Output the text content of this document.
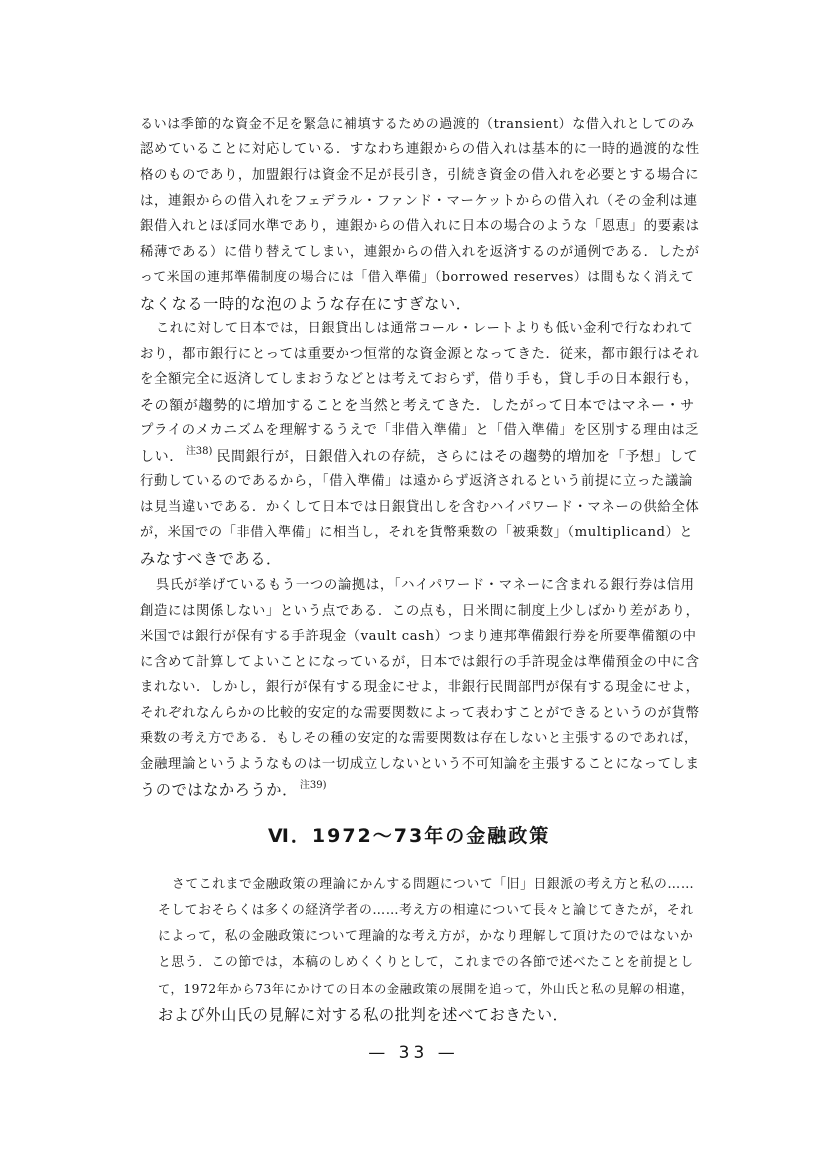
るいは季節的な資金不足を緊急に補填するための過渡的（transient）な借入れとしてのみ
認めていることに対応している．すなわち連銀からの借入れは基本的に一時的過渡的な性
格のものであり，加盟銀行は資金不足が長引き，引続き資金の借入れを必要とする場合に
は，連銀からの借入れをフェデラル・ファンド・マーケットからの借入れ（その金利は連
銀借入れとほぼ同水準であり，連銀からの借入れに日本の場合のような「恩恵」的要素は
稀薄である）に借り替えてしまい，連銀からの借入れを返済するのが通例である．したが
って米国の連邦準備制度の場合には「借入準備」（borrowed reserves）は間もなく消えて
なくなる一時的な泡のような存在にすぎない．
これに対して日本では，日銀貸出しは通常コール・レートよりも低い金利で行なわれて
おり，都市銀行にとっては重要かつ恒常的な資金源となってきた．従来，都市銀行はそれ
を全額完全に返済してしまおうなどとは考えておらず，借り手も，貸し手の日本銀行も，
その額が趨勢的に増加することを当然と考えてきた．したがって日本ではマネー・サ
プライのメカニズムを理解するうえで「非借入準備」と「借入準備」を区別する理由は乏
しい． $^{注38)}$ 民間銀行が，日銀借入れの存続，さらにはその趨勢的増加を「予想」して
行動しているのであるから，「借入準備」は遠からず返済されるという前提に立った議論
は見当違いである．かくして日本では日銀貸出しを含むハイパワード・マネーの供給全体
が，米国での「非借入準備」に相当し，それを貨幣乗数の「被乗数」（multiplicand）と
みなすべきである．
呉氏が挙げているもう一つの論拠は，「ハイパワード・マネーに含まれる銀行券は信用
創造には関係しない」という点である．この点も，日米間に制度上少しばかり差があり，
米国では銀行が保有する手許現金（vault cash）つまり連邦準備銀行券を所要準備額の中
に含めて計算してよいことになっているが，日本では銀行の手許現金は準備預金の中に含
まれない．しかし，銀行が保有する現金にせよ，非銀行民間部門が保有する現金にせよ，
それぞれなんらかの比較的安定的な需要関数によって表わすことができるというのが貨幣
乗数の考え方である．もしその種の安定的な需要関数は存在しないと主張するのであれば，
金融理論というようなものは一切成立しないという不可知論を主張することになってしま
うのではなかろうか． $^{注39)}$
Ⅵ．1972～73年の金融政策
さてこれまで金融政策の理論にかんする問題について「旧」日銀派の考え方と私の……
そしておそらくは多くの経済学者の……考え方の相違について長々と論じてきたが，それ
によって，私の金融政策について理論的な考え方が，かなり理解して頂けたのではないか
と思う．この節では，本稿のしめくくりとして，これまでの各節で述べたことを前提とし
て，1972年から73年にかけての日本の金融政策の展開を追って，外山氏と私の見解の相違，
および外山氏の見解に対する私の批判を述べておきたい．
— 33 —
